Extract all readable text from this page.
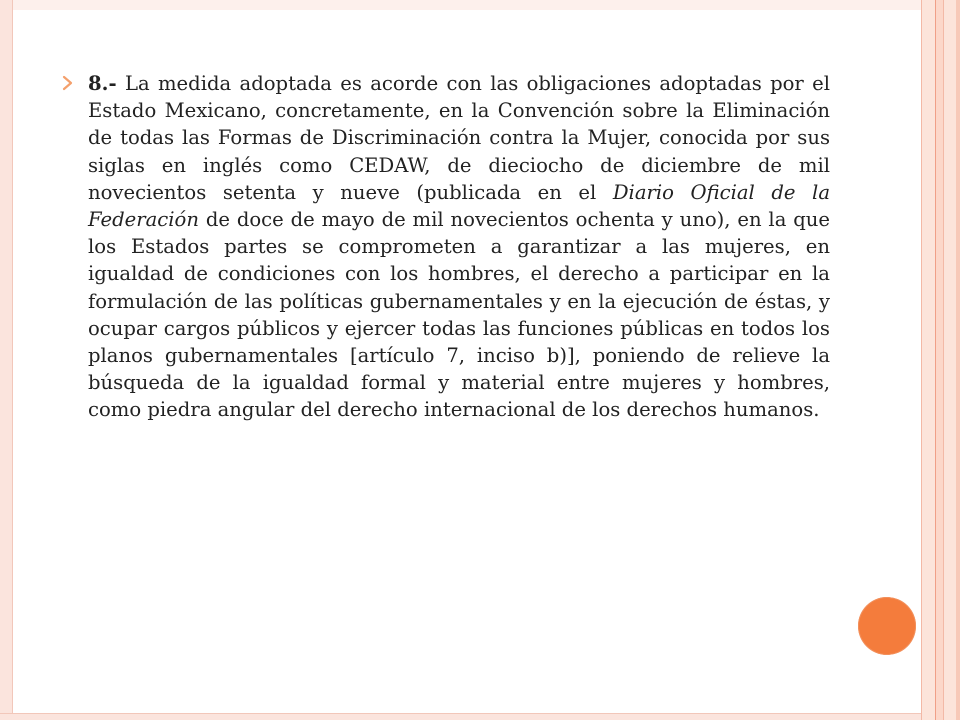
8.- La medida adoptada es acorde con las obligaciones adoptadas por el Estado Mexicano, concretamente, en la Convención sobre la Eliminación de todas las Formas de Discriminación contra la Mujer, conocida por sus siglas en inglés como CEDAW, de dieciocho de diciembre de mil novecientos setenta y nueve (publicada en el Diario Oficial de la Federación de doce de mayo de mil novecientos ochenta y uno), en la que los Estados partes se comprometen a garantizar a las mujeres, en igualdad de condiciones con los hombres, el derecho a participar en la formulación de las políticas gubernamentales y en la ejecución de éstas, y ocupar cargos públicos y ejercer todas las funciones públicas en todos los planos gubernamentales [artículo 7, inciso b)], poniendo de relieve la búsqueda de la igualdad formal y material entre mujeres y hombres, como piedra angular del derecho internacional de los derechos humanos.
